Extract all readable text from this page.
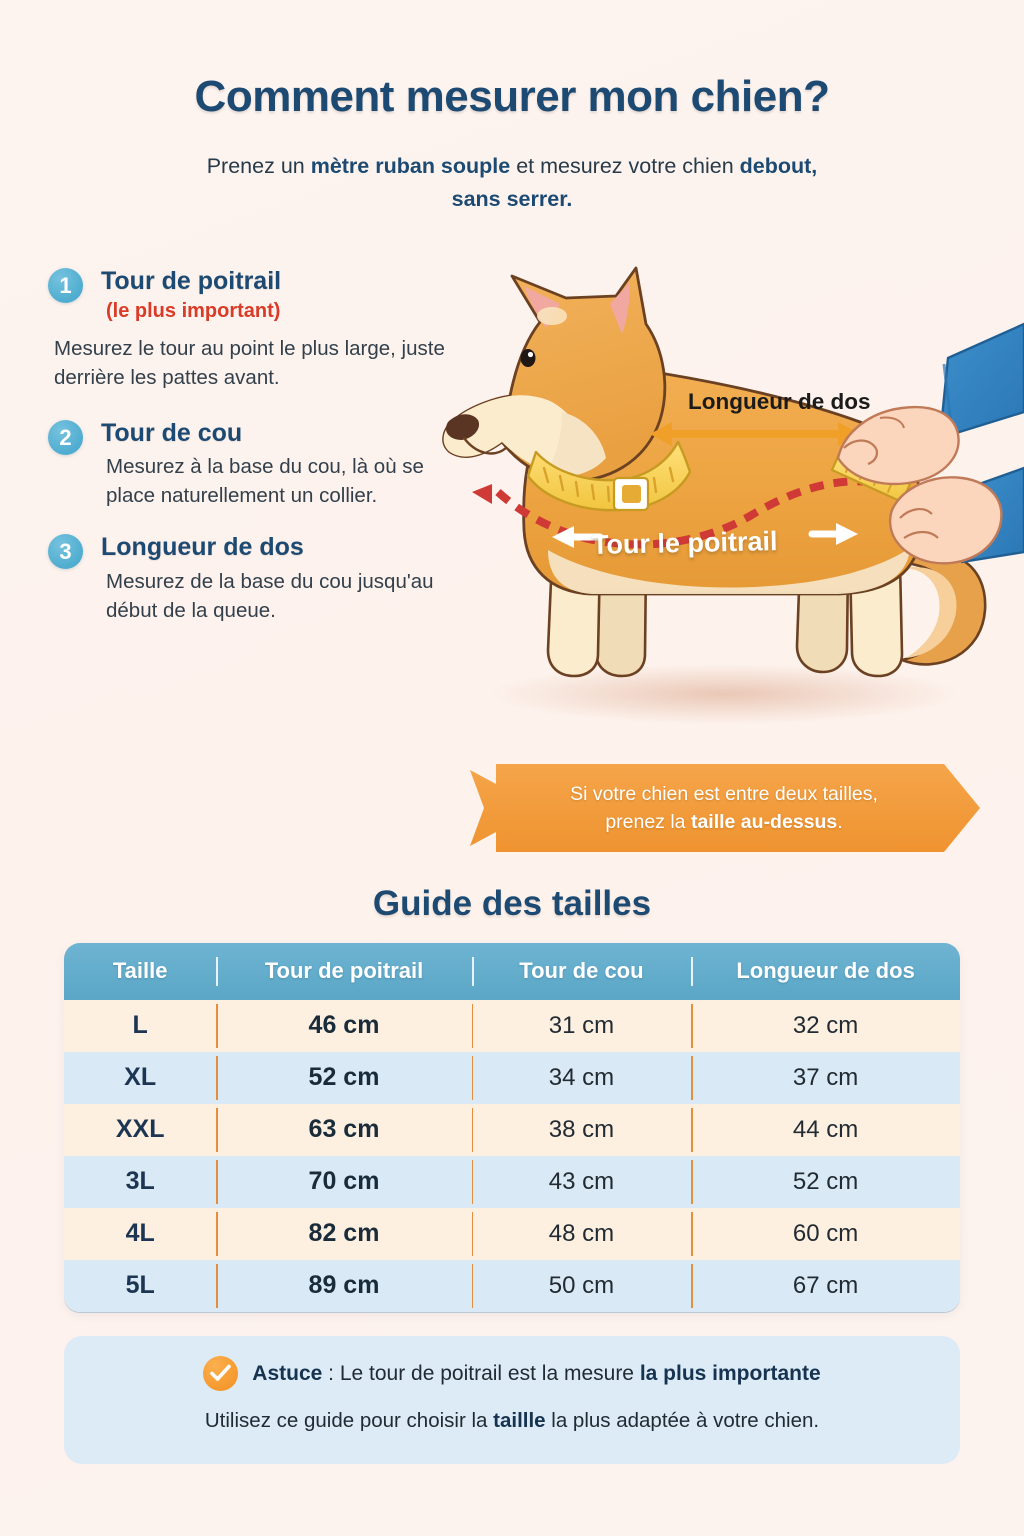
Comment mesurer mon chien?
Prenez un mètre ruban souple et mesurez votre chien debout,
sans serrer.
1	Tour de poitrail
(le plus important)
Mesurez le tour au point le plus large, juste derrière les pattes avant.
2	Tour de cou
Mesurez à la base du cou, là où se place naturellement un collier.
3	Longueur de dos
Mesurez de la base du cou jusqu'au début de la queue.
Longueur de dos
Tour le poitrail
Si votre chien est entre deux tailles,
prenez la taille au-dessus.
Guide des tailles
Taille	Tour de poitrail	Tour de cou	Longueur de dos
L	46 cm	31 cm	32 cm
XL	52 cm	34 cm	37 cm
XXL	63 cm	38 cm	44 cm
3L	70 cm	43 cm	52 cm
4L	82 cm	48 cm	60 cm
5L	89 cm	50 cm	67 cm
Astuce : Le tour de poitrail est la mesure la plus importante
Utilisez ce guide pour choisir la taillle la plus adaptée à votre chien.
